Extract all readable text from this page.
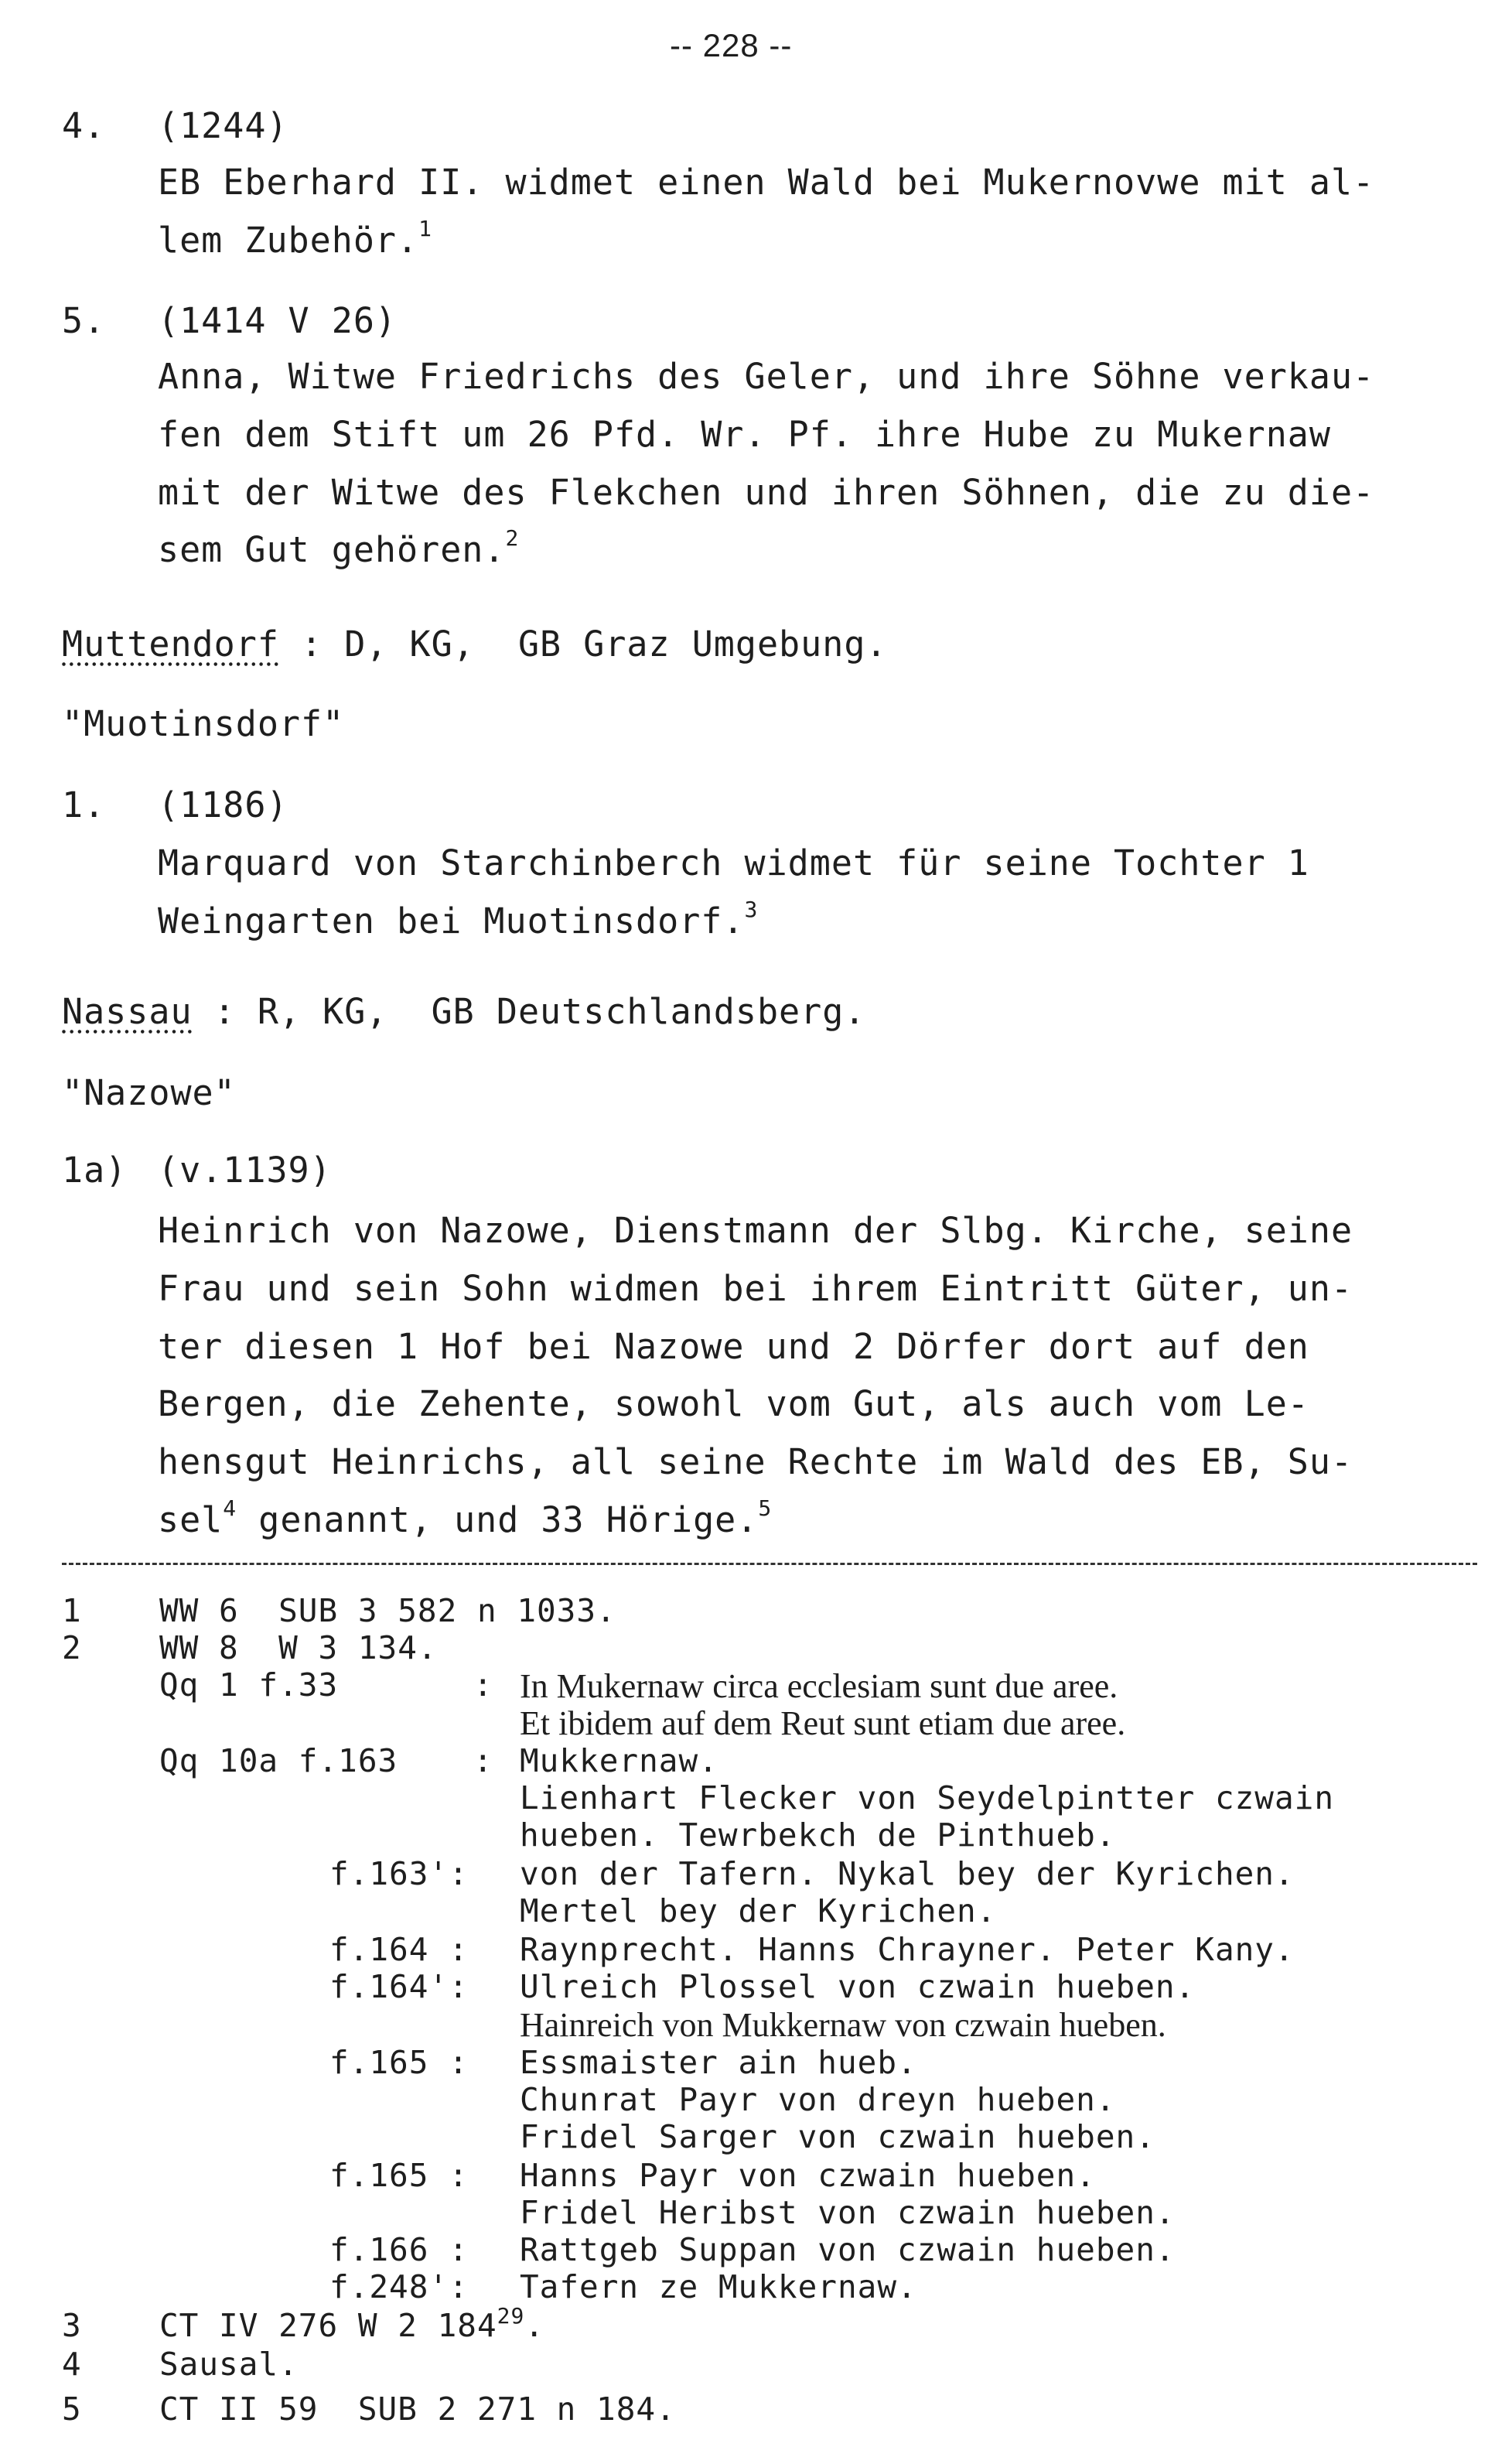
-- 228 --
4. (1244)
EB Eberhard II. widmet einen Wald bei Mukernovwe mit al-
lem Zubehör.$^1$
5. (1414 V 26)
Anna, Witwe Friedrichs des Geler, und ihre Söhne verkau-
fen dem Stift um 26 Pfd. Wr. Pf. ihre Hube zu Mukernaw
mit der Witwe des Flekchen und ihren Söhnen, die zu die-
sem Gut gehören.$^2$
Muttendorf : D, KG,  GB Graz Umgebung.
"Muotinsdorf"
1. (1186)
Marquard von Starchinberch widmet für seine Tochter 1
Weingarten bei Muotinsdorf.$^3$
Nassau : R, KG,  GB Deutschlandsberg.
"Nazowe"
1a) (v.1139)
Heinrich von Nazowe, Dienstmann der Slbg. Kirche, seine
Frau und sein Sohn widmen bei ihrem Eintritt Güter, un-
ter diesen 1 Hof bei Nazowe und 2 Dörfer dort auf den
Bergen, die Zehente, sowohl vom Gut, als auch vom Le-
hensgut Heinrichs, all seine Rechte im Wald des EB, Su-
sel$^4$ genannt, und 33 Hörige.$^5$
1 WW 6  SUB 3 582 n 1033.
2 WW 8  W 3 134.
Qq 1 f.33	: In Mukernaw circa ecclesiam sunt due aree.
Et ibidem auf dem Reut sunt etiam due aree.
Qq 10a f.163 : Mukkernaw.
Lienhart Flecker von Seydelpintter czwain
hueben. Tewrbekch de Pinthueb.
f.163': von der Tafern. Nykal bey der Kyrichen.
Mertel bey der Kyrichen.
f.164 : Raynprecht. Hanns Chrayner. Peter Kany.
f.164': Ulreich Plossel von czwain hueben.
Hainreich von Mukkernaw von czwain hueben.
f.165 : Essmaister ain hueb.
Chunrat Payr von dreyn hueben.
Fridel Sarger von czwain hueben.
f.165 : Hanns Payr von czwain hueben.
Fridel Heribst von czwain hueben.
f.166 : Rattgeb Suppan von czwain hueben.
f.248': Tafern ze Mukkernaw.
3 CT IV 276 W 2 $184^{29}$.
4 Sausal.
5 CT II 59  SUB 2 271 n 184.
